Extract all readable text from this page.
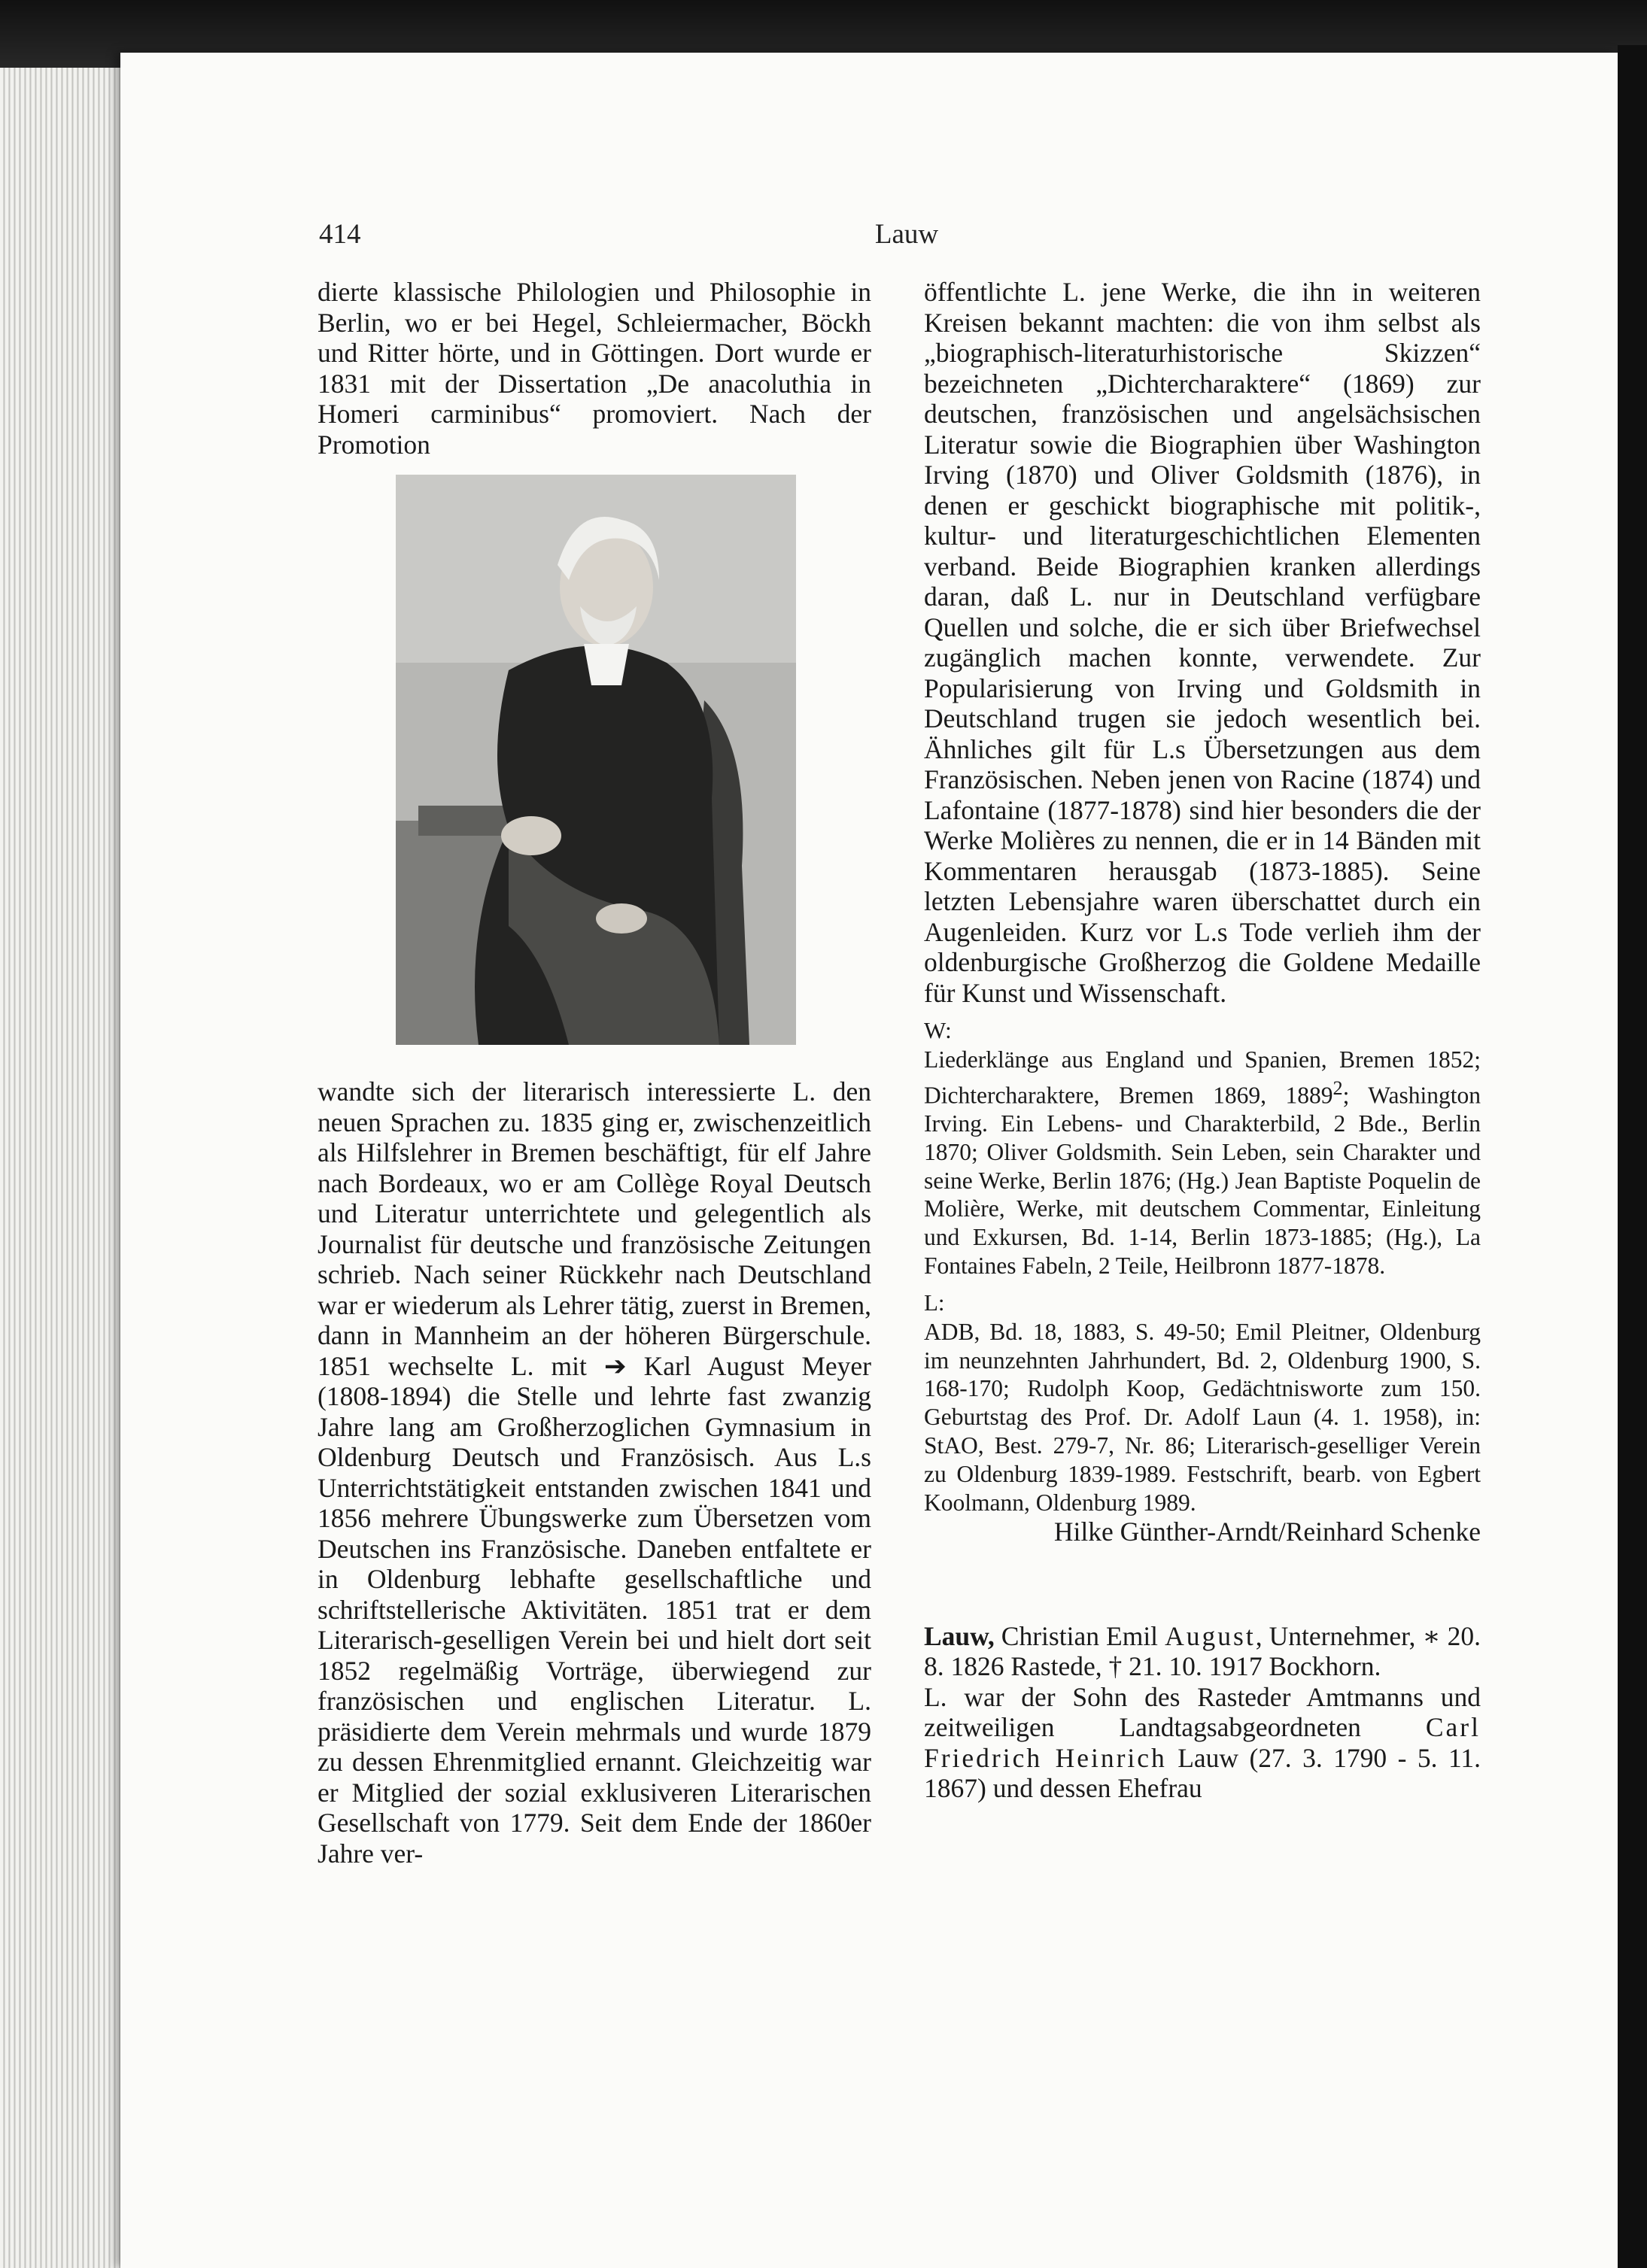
414	Lauw

dierte klassische Philologien und Philosophie in Berlin, wo er bei Hegel, Schleiermacher, Böckh und Ritter hörte, und in Göttingen. Dort wurde er 1831 mit der Dissertation „De anacoluthia in Homeri carminibus“ promoviert. Nach der Promotion

wandte sich der literarisch interessierte L. den neuen Sprachen zu. 1835 ging er, zwischenzeitlich als Hilfslehrer in Bremen beschäftigt, für elf Jahre nach Bordeaux, wo er am Collège Royal Deutsch und Literatur unterrichtete und gelegentlich als Journalist für deutsche und französische Zeitungen schrieb. Nach seiner Rückkehr nach Deutschland war er wiederum als Lehrer tätig, zuerst in Bremen, dann in Mannheim an der höheren Bürgerschule. 1851 wechselte L. mit ➔ Karl August Meyer (1808-1894) die Stelle und lehrte fast zwanzig Jahre lang am Großherzoglichen Gymnasium in Oldenburg Deutsch und Französisch. Aus L.s Unterrichtstätigkeit entstanden zwischen 1841 und 1856 mehrere Übungswerke zum Übersetzen vom Deutschen ins Französische. Daneben entfaltete er in Oldenburg lebhafte gesellschaftliche und schriftstellerische Aktivitäten. 1851 trat er dem Literarisch-geselligen Verein bei und hielt dort seit 1852 regelmäßig Vorträge, überwiegend zur französischen und englischen Literatur. L. präsidierte dem Verein mehrmals und wurde 1879 zu dessen Ehrenmitglied ernannt. Gleichzeitig war er Mitglied der sozial exklusiveren Literarischen Gesellschaft von 1779. Seit dem Ende der 1860er Jahre ver-

öffentlichte L. jene Werke, die ihn in weiteren Kreisen bekannt machten: die von ihm selbst als „biographisch-literaturhistorische Skizzen“ bezeichneten „Dichtercharaktere“ (1869) zur deutschen, französischen und angelsächsischen Literatur sowie die Biographien über Washington Irving (1870) und Oliver Goldsmith (1876), in denen er geschickt biographische mit politik-, kultur- und literaturgeschichtlichen Elementen verband. Beide Biographien kranken allerdings daran, daß L. nur in Deutschland verfügbare Quellen und solche, die er sich über Briefwechsel zugänglich machen konnte, verwendete. Zur Popularisierung von Irving und Goldsmith in Deutschland trugen sie jedoch wesentlich bei. Ähnliches gilt für L.s Übersetzungen aus dem Französischen. Neben jenen von Racine (1874) und Lafontaine (1877-1878) sind hier besonders die der Werke Molières zu nennen, die er in 14 Bänden mit Kommentaren herausgab (1873-1885). Seine letzten Lebensjahre waren überschattet durch ein Augenleiden. Kurz vor L.s Tode verlieh ihm der oldenburgische Großherzog die Goldene Medaille für Kunst und Wissenschaft.

W:

Liederklänge aus England und Spanien, Bremen 1852; Dichtercharaktere, Bremen 1869, 1889$^2$; Washington Irving. Ein Lebens- und Charakterbild, 2 Bde., Berlin 1870; Oliver Goldsmith. Sein Leben, sein Charakter und seine Werke, Berlin 1876; (Hg.) Jean Baptiste Poquelin de Molière, Werke, mit deutschem Commentar, Einleitung und Exkursen, Bd. 1-14, Berlin 1873-1885; (Hg.), La Fontaines Fabeln, 2 Teile, Heilbronn 1877-1878.

L:

ADB, Bd. 18, 1883, S. 49-50; Emil Pleitner, Oldenburg im neunzehnten Jahrhundert, Bd. 2, Oldenburg 1900, S. 168-170; Rudolph Koop, Gedächtnisworte zum 150. Geburtstag des Prof. Dr. Adolf Laun (4. 1. 1958), in: StAO, Best. 279-7, Nr. 86; Literarisch-geselliger Verein zu Oldenburg 1839-1989. Festschrift, bearb. von Egbert Koolmann, Oldenburg 1989.

Hilke Günther-Arndt/Reinhard Schenke

Lauw, Christian Emil August, Unternehmer, ∗ 20. 8. 1826 Rastede, † 21. 10. 1917 Bockhorn.

L. war der Sohn des Rasteder Amtmanns und zeitweiligen Landtagsabgeordneten Carl Friedrich Heinrich Lauw (27. 3. 1790 - 5. 11. 1867) und dessen Ehefrau
